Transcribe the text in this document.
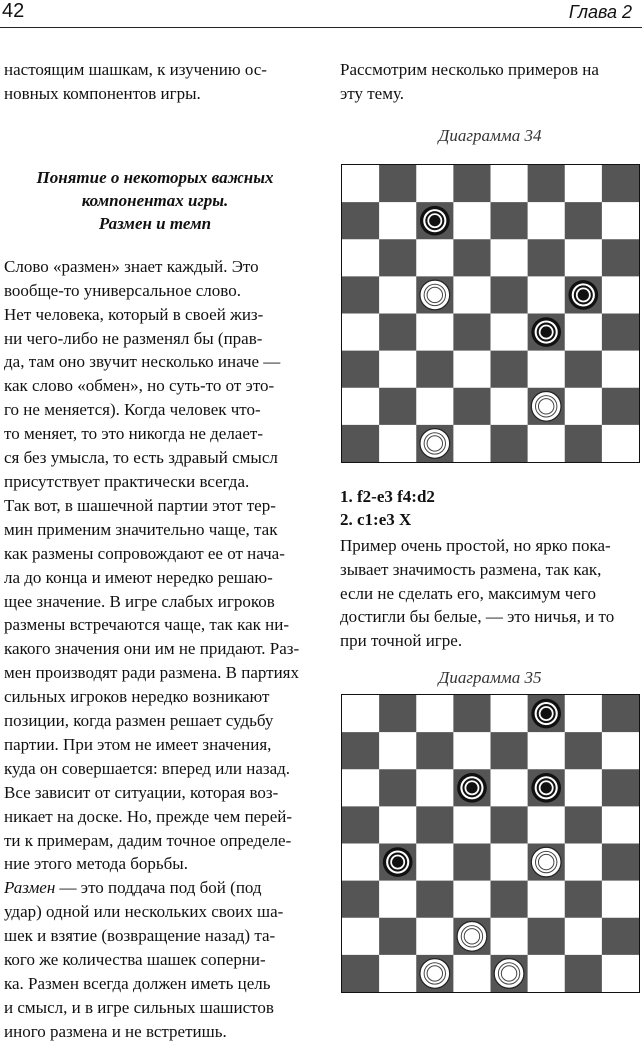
42	Глава 2

настоящим шашкам, к изучению ос-

новных компонентов игры.

Понятие о некоторых важных
компонентах игры.
Размен и темп

Слово «размен» знает каждый. Это

вообще-то универсальное слово.

Нет человека, который в своей жиз-

ни чего-либо не разменял бы (прав-

да, там оно звучит несколько иначе —

как слово «обмен», но суть-то от это-

го не меняется). Когда человек что-

то меняет, то это никогда не делает-

ся без умысла, то есть здравый смысл

присутствует практически всегда.

Так вот, в шашечной партии этот тер-

мин применим значительно чаще, так

как размены сопровождают ее от нача-

ла до конца и имеют нередко решаю-

щее значение. В игре слабых игроков

размены встречаются чаще, так как ни-

какого значения они им не придают. Раз-

мен производят ради размена. В партиях

сильных игроков нередко возникают

позиции, когда размен решает судьбу

партии. При этом не имеет значения,

куда он совершается: вперед или назад.

Все зависит от ситуации, которая воз-

никает на доске. Но, прежде чем перей-

ти к примерам, дадим точное определе-

ние этого метода борьбы.

Размен — это поддача под бой (под

удар) одной или нескольких своих ша-

шек и взятие (возвращение назад) та-

кого же количества шашек соперни-

ка. Размен всегда должен иметь цель

и смысл, и в игре сильных шашистов

иного размена и не встретишь.

Рассмотрим несколько примеров на

эту тему.

Диаграмма 34
1. f2-e3 f4:d2
2. c1:e3 X
Пример очень простой, но ярко пока-
зывает значимость размена, так как,
если не сделать его, максимум чего
достигли бы белые, — это ничья, и то
при точной игре.
Диаграмма 35
